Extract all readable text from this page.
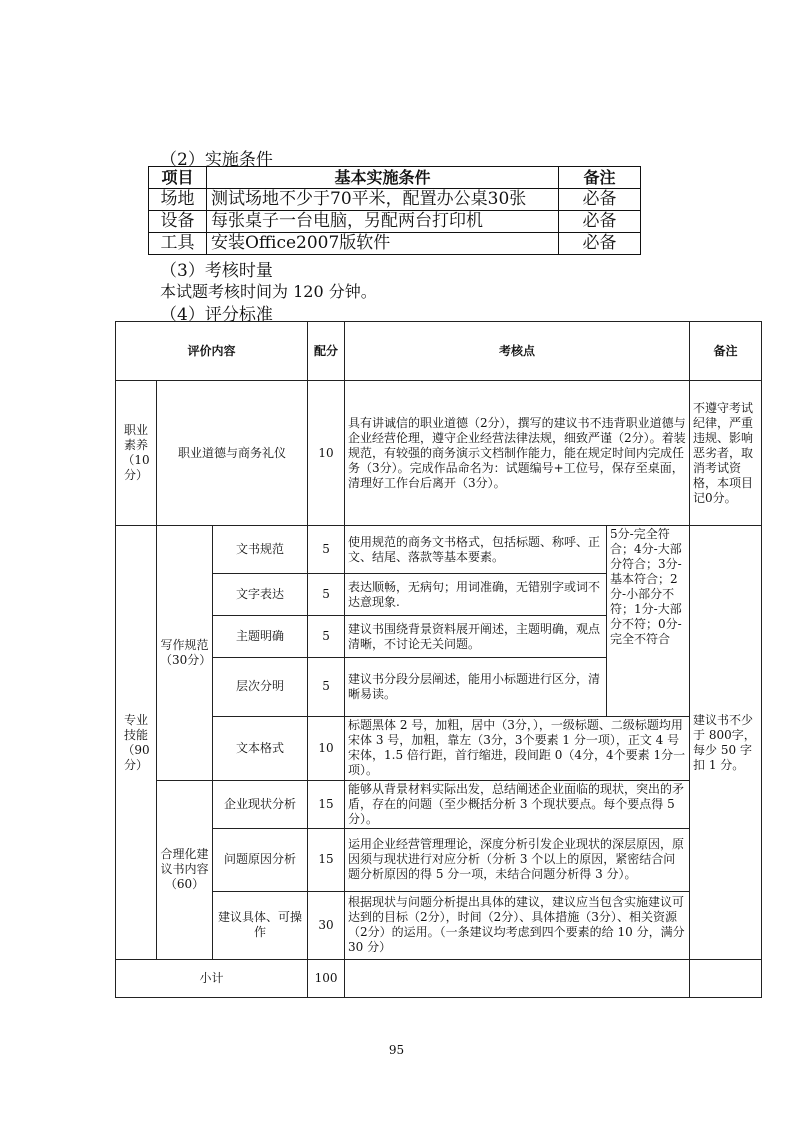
（2）实施条件
项目	基本实施条件	备注
场地	测试场地不少于70平米，配置办公桌30张	必备
设备	每张桌子一台电脑，另配两台打印机	必备
工具	安装Office2007版软件	必备
（3）考核时量
本试题考核时间为 120 分钟。
（4）评分标准
评价内容			配分	考核点		备注
职业素养（10分）	职业道德与商务礼仪		10	具有讲诚信的职业道德（2分），撰写的建议书不违背职业道德与企业经营伦理，遵守企业经营法律法规，细致严谨（2分）。着装规范，有较强的商务演示文档制作能力，能在规定时间内完成任务（3分）。完成作品命名为：试题编号+工位号，保存至桌面，清理好工作台后离开（3分）。		不遵守考试纪律，严重违规、影响恶劣者，取消考试资格，本项目记0分。
专业技能（90分）	写作规范（30分）	文书规范	5	使用规范的商务文书格式，包括标题、称呼、正文、结尾、落款等基本要素。	5分-完全符合；4分-大部分符合；3分-基本符合；2分-小部分不符；1分-大部分不符；0分-完全不符合	建议书不少于 800字，每少 50 字扣 1 分。
		文字表达	5	表达顺畅，无病句；用词准确，无错别字或词不达意现象.		
		主题明确	5	建议书围绕背景资料展开阐述，主题明确，观点清晰，不讨论无关问题。		
		层次分明	5	建议书分段分层阐述，能用小标题进行区分，清晰易读。		
		文本格式	10	标题黑体 2 号，加粗，居中（3分，），一级标题、二级标题均用宋体 3 号，加粗，靠左（3分，3个要素 1 分一项），正文 4 号宋体，1.5 倍行距，首行缩进，段间距 0（4分，4个要素 1分一项）。		
	合理化建议书内容（60）	企业现状分析	15	能够从背景材料实际出发，总结阐述企业面临的现状，突出的矛盾，存在的问题（至少概括分析 3 个现状要点。每个要点得 5 分）。		
		问题原因分析	15	运用企业经营管理理论，深度分析引发企业现状的深层原因，原因须与现状进行对应分析（分析 3 个以上的原因，紧密结合问题分析原因的得 5 分一项，未结合问题分析得 3 分）。		
		建议具体、可操作	30	根据现状与问题分析提出具体的建议，建议应当包含实施建议可达到的目标（2分），时间（2分）、具体措施（3分）、相关资源（2分）的运用。（一条建议均考虑到四个要素的给 10 分，满分 30 分）		
小计			100			
95
